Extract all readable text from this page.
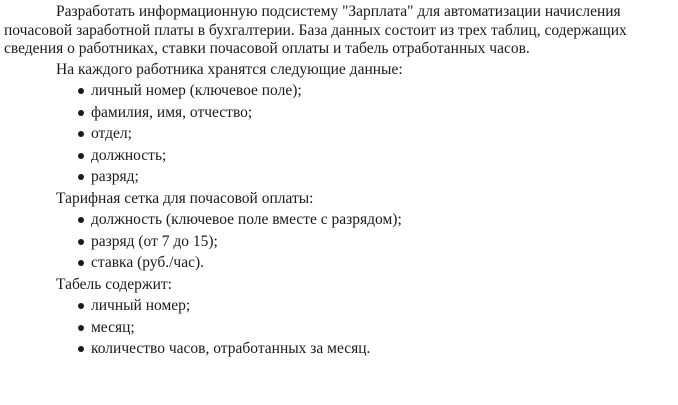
Разработать информационную подсистему "Зарплата" для автоматизации начисления почасовой заработной платы в бухгалтерии. База данных состоит из трех таблиц, содержащих сведения о работниках, ставки почасовой оплаты и табель отработанных часов.

На каждого работника хранятся следующие данные:

личный номер (ключевое поле);
фамилия, имя, отчество;
отдел;
должность;
разряд;

Тарифная сетка для почасовой оплаты:

должность (ключевое поле вместе с разрядом);
разряд (от 7 до 15);
ставка (руб./час).

Табель содержит:

личный номер;
месяц;
количество часов, отработанных за месяц.
